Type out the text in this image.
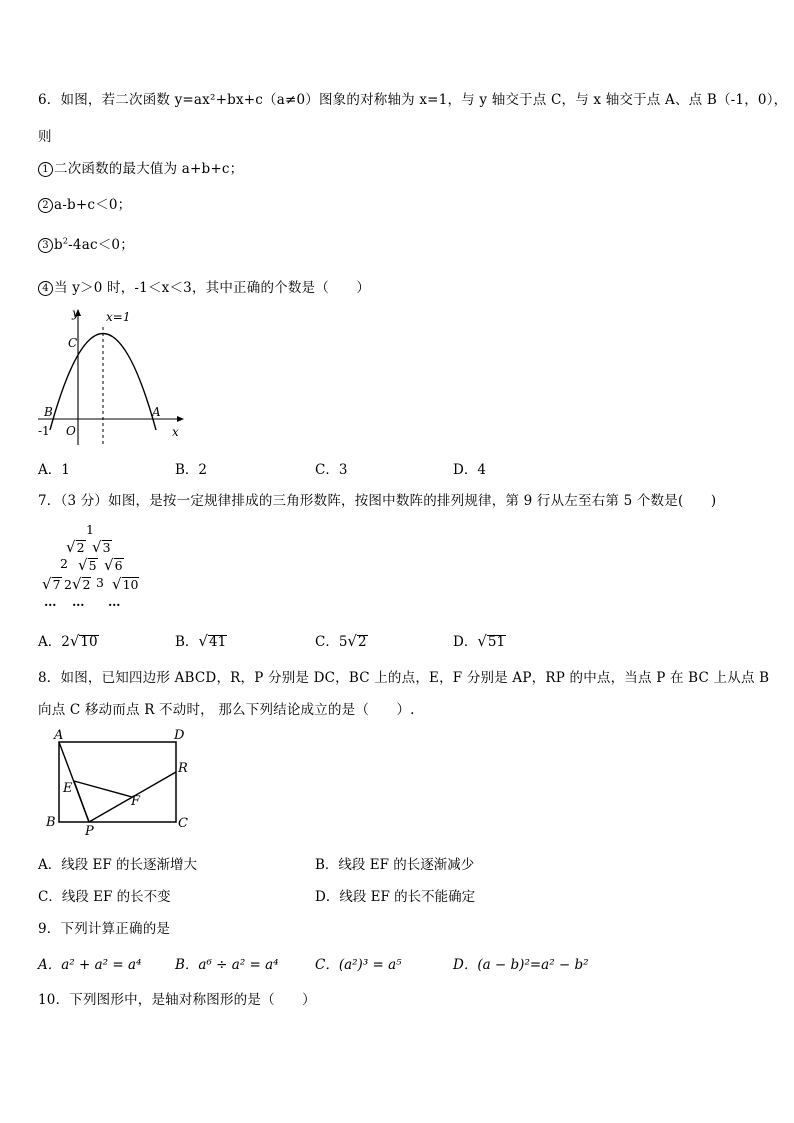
6．如图，若二次函数 y=ax²+bx+c（a≠0）图象的对称轴为 x=1，与 y 轴交于点 C，与 x 轴交于点 A、点 B（-1，0），
则
1 二次函数的最大值为 a+b+c；
2 a-b+c＜0；
3 $b^2-4ac<0$；
4 当 y＞0 时，-1＜x＜3，其中正确的个数是（　　）
y x=1
C
B	A
-1 O	x
A．1	B．2	C．3	D．4
7．（3 分）如图，是按一定规律排成的三角形数阵，按图中数阵的排列规律，第 9 行从左至右第 5 个数是(　　)
1
√2 √3
2 √5 √6
√7 2√2 3 √10
… … …
A．2√10	B．√41	C．5√2	D．√51
8．如图，已知四边形 ABCD，R，P 分别是 DC，BC 上的点，E，F 分别是 AP，RP 的中点，当点 P 在 BC 上从点 B
向点 C 移动而点 R 不动时， 那么下列结论成立的是（　　）.
A	D
B	C
P
R
E
F
A．线段 EF 的长逐渐增大	B．线段 EF 的长逐渐减少
C．线段 EF 的长不变	D．线段 EF 的长不能确定
9．下列计算正确的是
A．a² + a² = a⁴ B．a⁶ ÷ a² = a⁴	C．(a²)³ = a⁵	D．(a − b)²=a² − b²
10．下列图形中，是轴对称图形的是（　　）
